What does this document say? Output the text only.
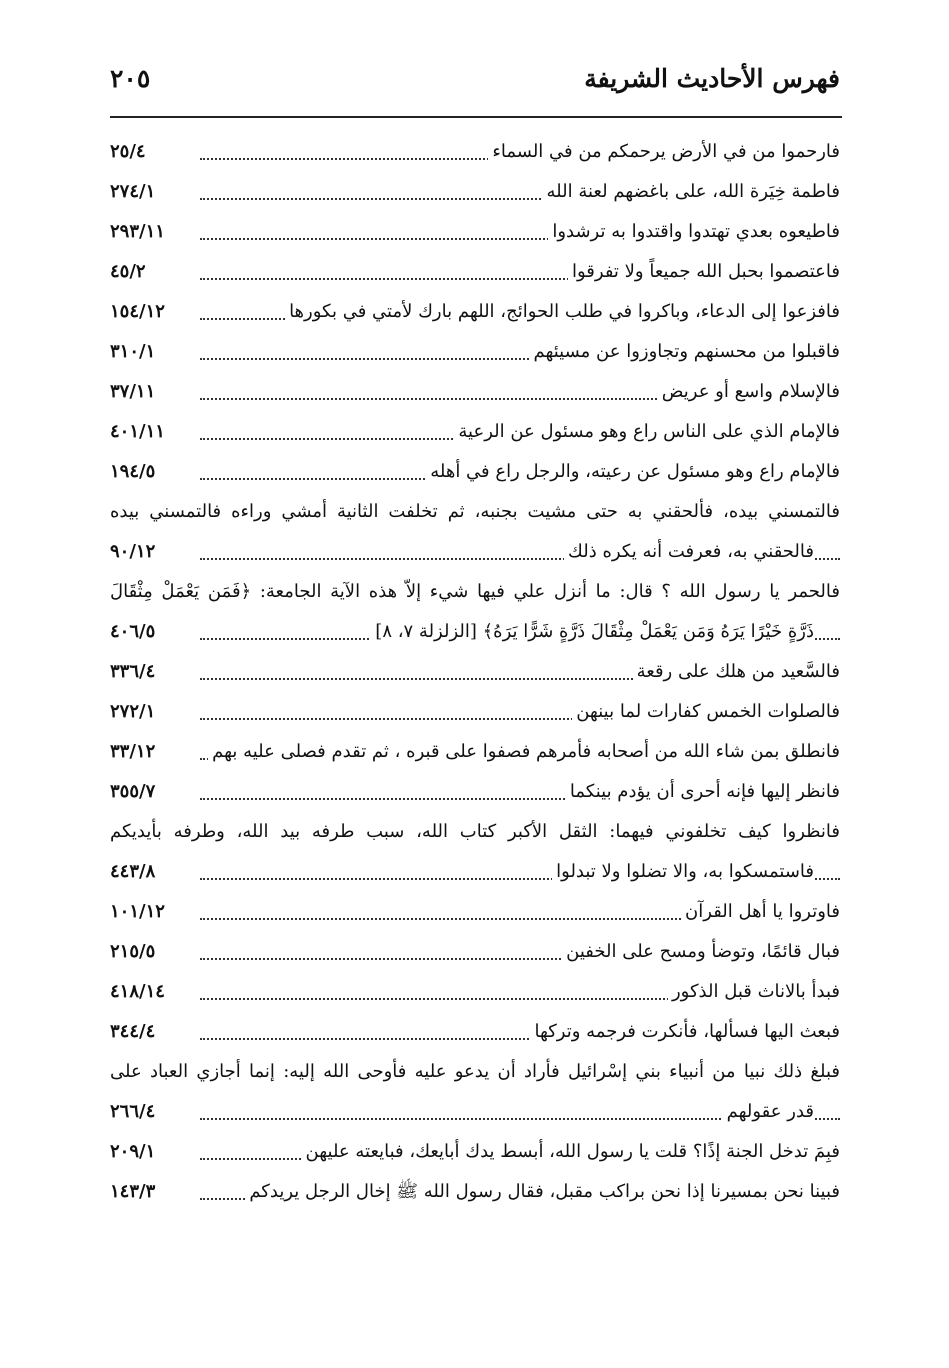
فهرس الأحاديث الشريفة
٢٠٥
فارحموا من في الأرض يرحمكم من في السماء
٢٥/٤
فاطمة خِيَرة الله، على باغضهم لعنة الله
٢٧٤/١
فاطيعوه بعدي تهتدوا واقتدوا به ترشدوا
٢٩٣/١١
فاعتصموا بحبل الله جميعاً ولا تفرقوا
٤٥/٢
فافزعوا إلى الدعاء، وباكروا في طلب الحوائج، اللهم بارك لأمتي في بكورها
١٥٤/١٢
فاقبلوا من محسنهم وتجاوزوا عن مسيئهم
٣١٠/١
فالإسلام واسع أو عريض
٣٧/١١
فالإمام الذي على الناس راع وهو مسئول عن الرعية
٤٠١/١١
فالإمام راع وهو مسئول عن رعيته، والرجل راع في أهله
١٩٤/٥
فالتمسني بيده، فألحقني به حتى مشيت بجنبه، ثم تخلفت الثانية أمشي وراءه فالتمسني بيده
فالحقني به، فعرفت أنه يكره ذلك
٩٠/١٢
فالحمر يا رسول الله ؟ قال: ما أنزل علي فيها شيء إلاّ هذه الآية الجامعة: ﴿فَمَن يَعْمَلْ مِثْقَالَ
ذَرَّةٍ خَيْرًا يَرَهُ وَمَن يَعْمَلْ مِثْقَالَ ذَرَّةٍ شَرًّا يَرَهُ﴾ [الزلزلة ٧، ٨]
٤٠٦/٥
فالسَّعيد من هلك على رقعة
٣٣٦/٤
فالصلوات الخمس كفارات لما بينهن
٢٧٢/١
فانطلق بمن شاء الله من أصحابه فأمرهم فصفوا على قبره ، ثم تقدم فصلى عليه بهم
٣٣/١٢
فانظر إليها فإنه أحرى أن يؤدم بينكما
٣٥٥/٧
فانظروا كيف تخلفوني فيهما: الثقل الأكبر كتاب الله، سبب طرفه بيد الله، وطرفه بأيديكم
فاستمسكوا به، والا تضلوا ولا تبدلوا
٤٤٣/٨
فاوتروا يا أهل القرآن
١٠١/١٢
فبال قائمًا، وتوضأ ومسح على الخفين
٢١٥/٥
فبدأ بالاناث قبل الذكور
٤١٨/١٤
فبعث اليها فسألها، فأنكرت فرجمه وتركها
٣٤٤/٤
فبلغ ذلك نبيا من أنبياء بني إسْرائيل فأراد أن يدعو عليه فأوحى الله إليه: إنما أجازي العباد على
قدر عقولهم
٢٦٦/٤
فبِمَ تدخل الجنة إذًا؟ قلت يا رسول الله، أبسط يدك أبايعك، فبايعته عليهن
٢٠٩/١
فبينا نحن بمسيرنا إذا نحن براكب مقبل، فقال رسول الله ﷺ إخال الرجل يريدكم
١٤٣/٣
